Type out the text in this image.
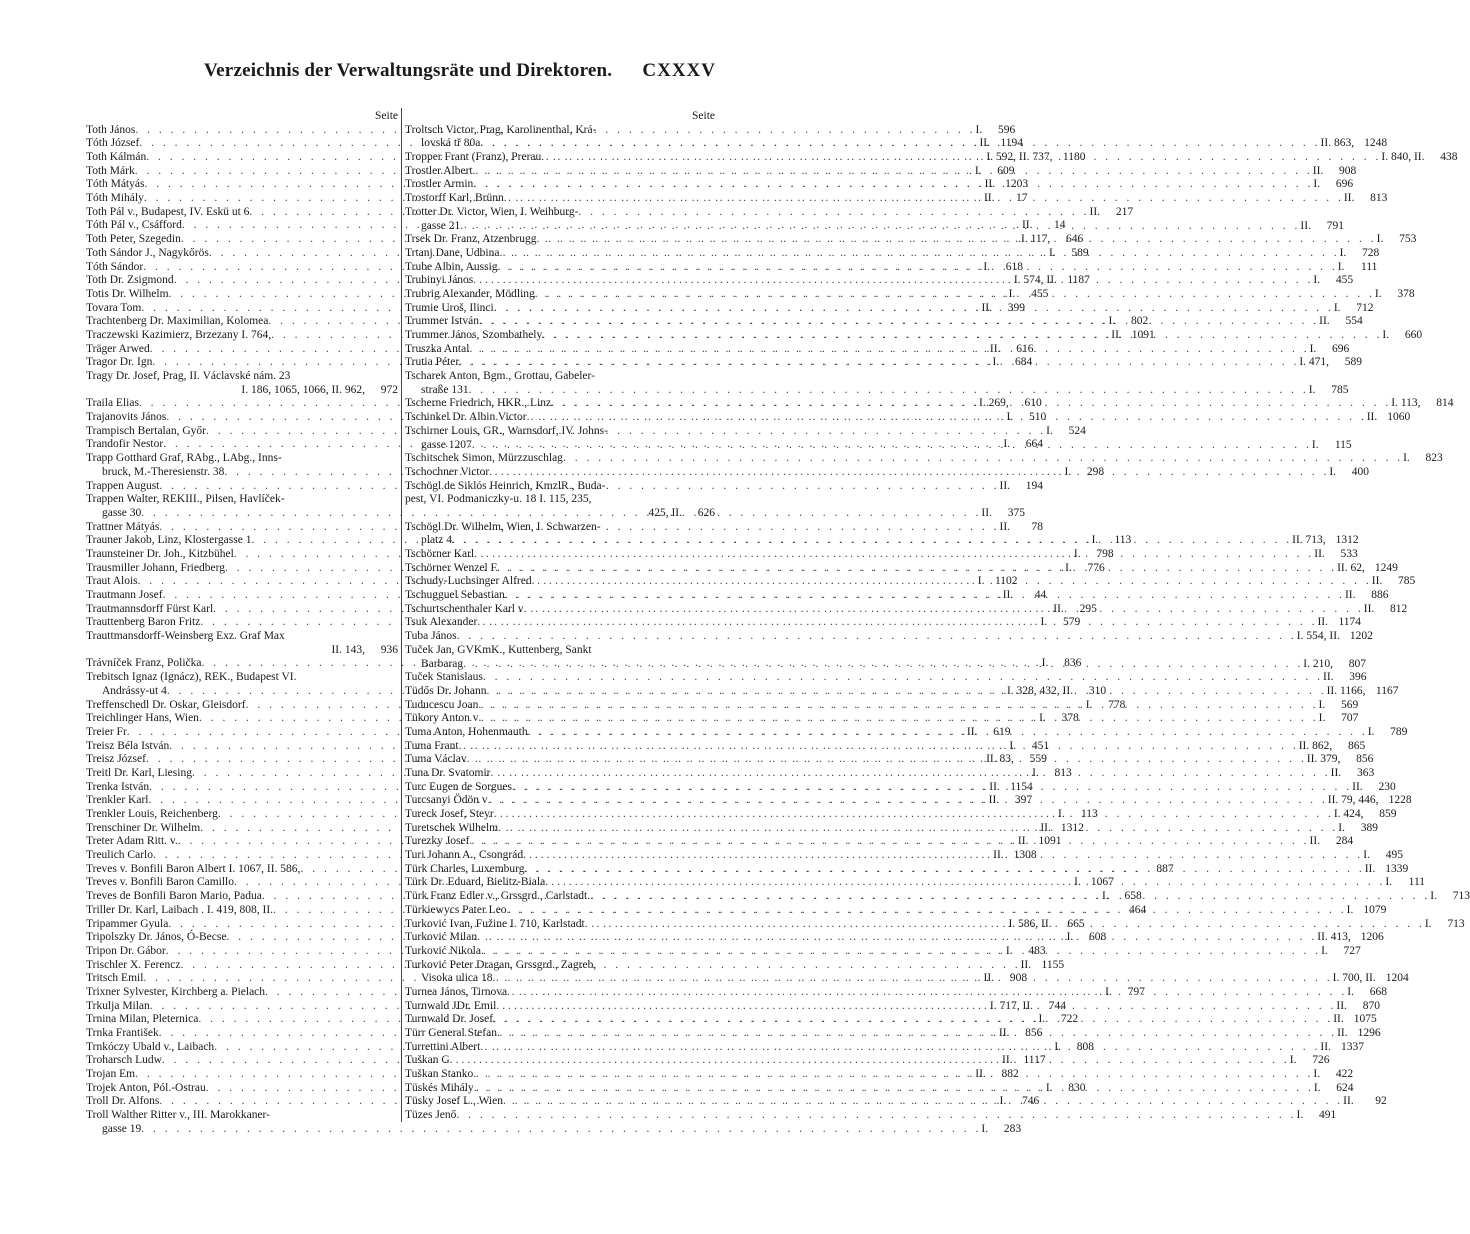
Verzeichnis der Verwaltungsräte und Direktoren. CXXXV
Seite
Toth János . . .	I.	596
Tóth József . . .	II. 1194
Toth Kálmán . . .	I. 592, II. 737, 1180
Toth Márk . . .	I.	609
Tóth Mátyás . . .	II. 1203
Tóth Mihály . . .	II.	17
Toth Pál v., Budapest, IV. Eskü ut 6 . . .	II.	217
Tóth Pál v., Csáfford . . .	II.	14
Toth Peter, Szegedin . . .	I. 117,	646
Toth Sándor J., Nagykőrös . . .	I.	589
Tóth Sándor . . .	I.	618
Toth Dr. Zsigmond . . .	I. 574, II. 1187
Totis Dr. Wilhelm . . .	I.	455
Tovara Tom . . .	II.	399
Trachtenberg Dr. Maximilian, Kolomea . . .	I.	802
Traczewski Kazimierz, Brzezany I. 764, . . .	II. 1091
Träger Arwed . . .	II.	616
Tragor Dr. Ign . . .	I.	684
Tragy Dr. Josef, Prag, II. Václavské nám. 23
I. 186, 1065, 1066, II. 962,	972
Traila Elias . . .	I. 269,	610
Trajanovits János . . .	I.	510
Trampisch Bertalan, Győr . . .	I.	524
Trandofir Nestor . . .	I.	664
Trapp Gotthard Graf, RAbg., LAbg., Inns-
bruck, M.-Theresienstr. 38 . . .	I.	298
Trappen August . . .	II.	194
Trappen Walter, REKIII., Pilsen, Havlíček-
gasse 30 . . .	II.	375
Trattner Mátyás . . .	II.	78
Trauner Jakob, Linz, Klostergasse 1 . . .	I.	113
Traunsteiner Dr. Joh., Kitzbühel . . .	I.	798
Trausmiller Johann, Friedberg . . .	I.	776
Traut Alois . . .	I. 1102
Trautmann Josef . . .	II.	44
Trautmannsdorff Fürst Karl . . .	II.	295
Trauttenberg Baron Fritz . . .	I.	579
Trauttmansdorff-Weinsberg Exz. Graf Max
II. 143,	936
Trávníček Franz, Polička . . .	I.	836
Trebitsch Ignaz (Ignácz), REK., Budapest VI.
Andrássy-ut 4 . . .	I. 328, 432, II.	310
Treffenschedl Dr. Oskar, Gleisdorf . . .	I.	778
Treichlinger Hans, Wien . . .	I.	378
Treier Fr . . .	II.	619
Treisz Béla István . . .	I.	451
Treisz József . . .	II. 83,	559
Treitl Dr. Karl, Liesing . . .	I.	813
Trenka István . . .	II. 1154
Trenkler Karl . . .	II.	397
Trenkler Louis, Reichenberg . . .	I.	113
Trenschiner Dr. Wilhelm . . .	II. 1312
Treter Adam Ritt. v. . . .	II. 1091
Treulich Carlo . . .	II. 1308
Treves v. Bonfili Baron Albert I. 1067, II. 586, . . .	887
Treves v. Bonfili Baron Camillo . . .	I. 1067
Treves de Bonfili Baron Mario, Padua . . .	I.	658
Triller Dr. Karl, Laibach . I. 419, 808, II. . . .	464
Tripammer Gyula . . .	I. 586, II.	665
Tripolszky Dr. János, Ó-Becse . . .	I.	608
Tripon Dr. Gábor . . .	I.	483
Trischler X. Ferencz . . .	II. 1155
Tritsch Emil . . .	II.	908
Trixner Sylvester, Kirchberg a. Pielach . . .	I.	797
Trkulja Milan . . .	I. 717, II.	744
Trnina Milan, Pleternica . . .	I.	722
Trnka František . . .	II.	856
Trnkóczy Ubald v., Laibach . . .	I.	808
Troharsch Ludw . . .	II. 1117
Trojan Em . . .	II.	882
Trojek Anton, Pól.-Ostrau . . .	I.	830
Troll Dr. Alfons . . .	I.	746
Troll Walther Ritter v., III. Marokkaner-
gasse 19 . . .	I.	283
Seite
Troltsch Victor, Prag, Karolinenthal, Krá-
lovská tř 80a . . .	II. 863, 1248
Tropper Frant (Franz), Prerau . . .	I. 840, II.	438
Trostler Albert . . .	II.	908
Trostler Armin . . .	I.	696
Trostorff Karl, Brünn . . .	II.	813
Trotter Dr. Victor, Wien, I. Weihburg-
gasse 21 . . .	II.	791
Trsek Dr. Franz, Atzenbrugg . . .	I.	753
Trtanj Dane, Udbina . . .	I.	728
Trube Albin, Aussig . . .	I.	111
Trubinyi János . . .	I.	455
Trubrig Alexander, Mödling . . .	I.	378
Trumie Uroš, Ilinci . . .	I.	712
Trummer István . . .	II.	554
Trummer János, Szombathely . . .	I.	660
Truszka Antal . . .	I.	696
Trutia Péter . . .	I. 471,	589
Tscharek Anton, Bgm., Grottau, Gabeler-
straße 131 . . .	I.	785
Tscherne Friedrich, HKR., Linz . . .	I. 113,	814
Tschinkel Dr. Albin Victor . . .	II. 1060
Tschirner Louis, GR., Warnsdorf, IV. Johns-
gasse 1207 . . .	I.	115
Tschitschek Simon, Mürzzuschlag . . .	I.	823
Tschochner Victor . . .	I.	400
Tschögl de Siklós Heinrich, KmzlR., Buda-
pest, VI. Podmaniczky-u. 18 I. 115, 235,
425, II.	626
Tschögl Dr. Wilhelm, Wien, I. Schwarzen-
platz 4 . . .	II. 713, 1312
Tschörner Karl . . .	II.	533
Tschörner Wenzel F . . .	II. 62, 1249
Tschudy-Luchsinger Alfred . . .	II.	785
Tschugguel Sebastian . . .	II.	886
Tschurtschenthaler Karl v . . .	II.	812
Tsuk Alexander . . .	II. 1174
Tuba János . . .	I. 554, II. 1202
Tuček Jan, GVKmK., Kuttenberg, Sankt
Barbarag . . .	I. 210,	807
Tuček Stanislaus . . .	II.	396
Tüdős Dr. Johann . . .	II. 1166, 1167
Tuducescu Joan . . .	I.	569
Tükory Anton v . . .	I.	707
Tuma Anton, Hohenmauth . . .	I.	789
Tuma Frant . . .	II. 862,	865
Tuma Václav . . .	II. 379,	856
Tuna Dr. Svatomir . . .	II.	363
Turc Eugen de Sorgues . . .	II.	230
Turcsanyi Ödön v . . .	II. 79, 446, 1228
Tureck Josef, Steyr . . .	I. 424,	859
Turetschek Wilhelm . . .	I.	389
Turezky Josef . . .	II.	284
Turi Johann A., Csongrád . . .	I.	495
Türk Charles, Luxemburg . . .	II. 1339
Türk Dr. Eduard, Bielitz-Biala . . .	I.	111
Türk Franz Edler v., Grssgrd., Carlstadt. . . .	I.	713
Türkiewycs Pater Leo . . .	I. 1079
Turković Ivan, Fužine I. 710, Karlstadt . . .	I.	713
Turković Milan . . .	II. 413, 1206
Turković Nikola . . .	I.	727
Turković Peter Dragan, Grssgrd., Zagreb,
Visoka ulica 18 . . .	I. 700, II. 1204
Turnea János, Tirnova . . .	I.	668
Turnwald JDr. Emil . . .	II.	870
Turnwald Dr. Josef . . .	II. 1075
Türr General Stefan . . .	II. 1296
Turrettini Albert . . .	II. 1337
Tuškan G . . .	I.	726
Tuškan Stanko . . .	I.	422
Tüskés Mihály . . .	I.	624
Tüsky Josef L., Wien . . .	II.	92
Tüzes Jenő . . .	I.	491
